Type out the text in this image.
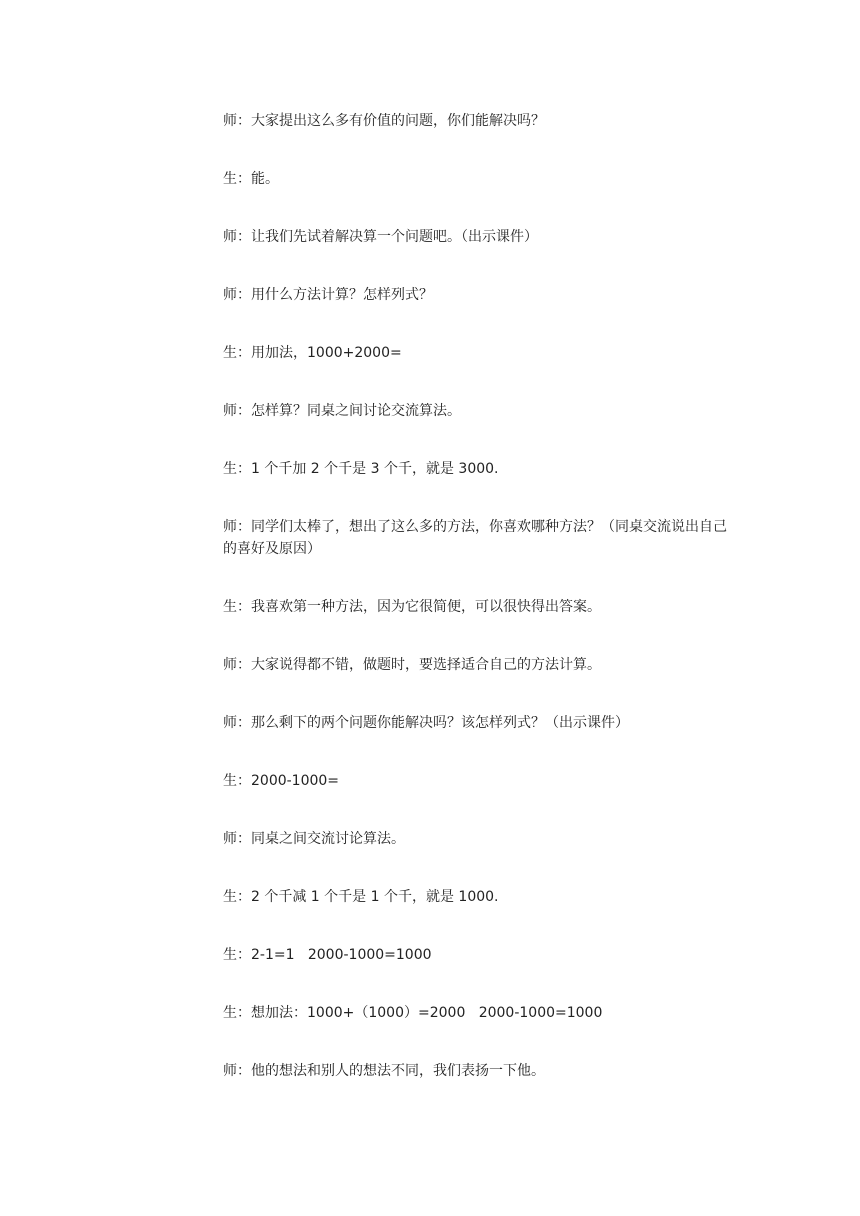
师：大家提出这么多有价值的问题，你们能解决吗？

生：能。

师：让我们先试着解决算一个问题吧。（出示课件）

师：用什么方法计算？怎样列式？

生：用加法，1000+2000=

师：怎样算？同桌之间讨论交流算法。

生：1 个千加 2 个千是 3 个千，就是 3000.

师：同学们太棒了，想出了这么多的方法，你喜欢哪种方法？（同桌交流说出自己的喜好及原因）

生：我喜欢第一种方法，因为它很简便，可以很快得出答案。

师：大家说得都不错，做题时，要选择适合自己的方法计算。

师：那么剩下的两个问题你能解决吗？该怎样列式？（出示课件）

生：2000-1000=

师：同桌之间交流讨论算法。

生：2 个千减 1 个千是 1 个千，就是 1000.

生：2-1=1   2000-1000=1000

生：想加法：1000+（1000）=2000   2000-1000=1000

师：他的想法和别人的想法不同，我们表扬一下他。
